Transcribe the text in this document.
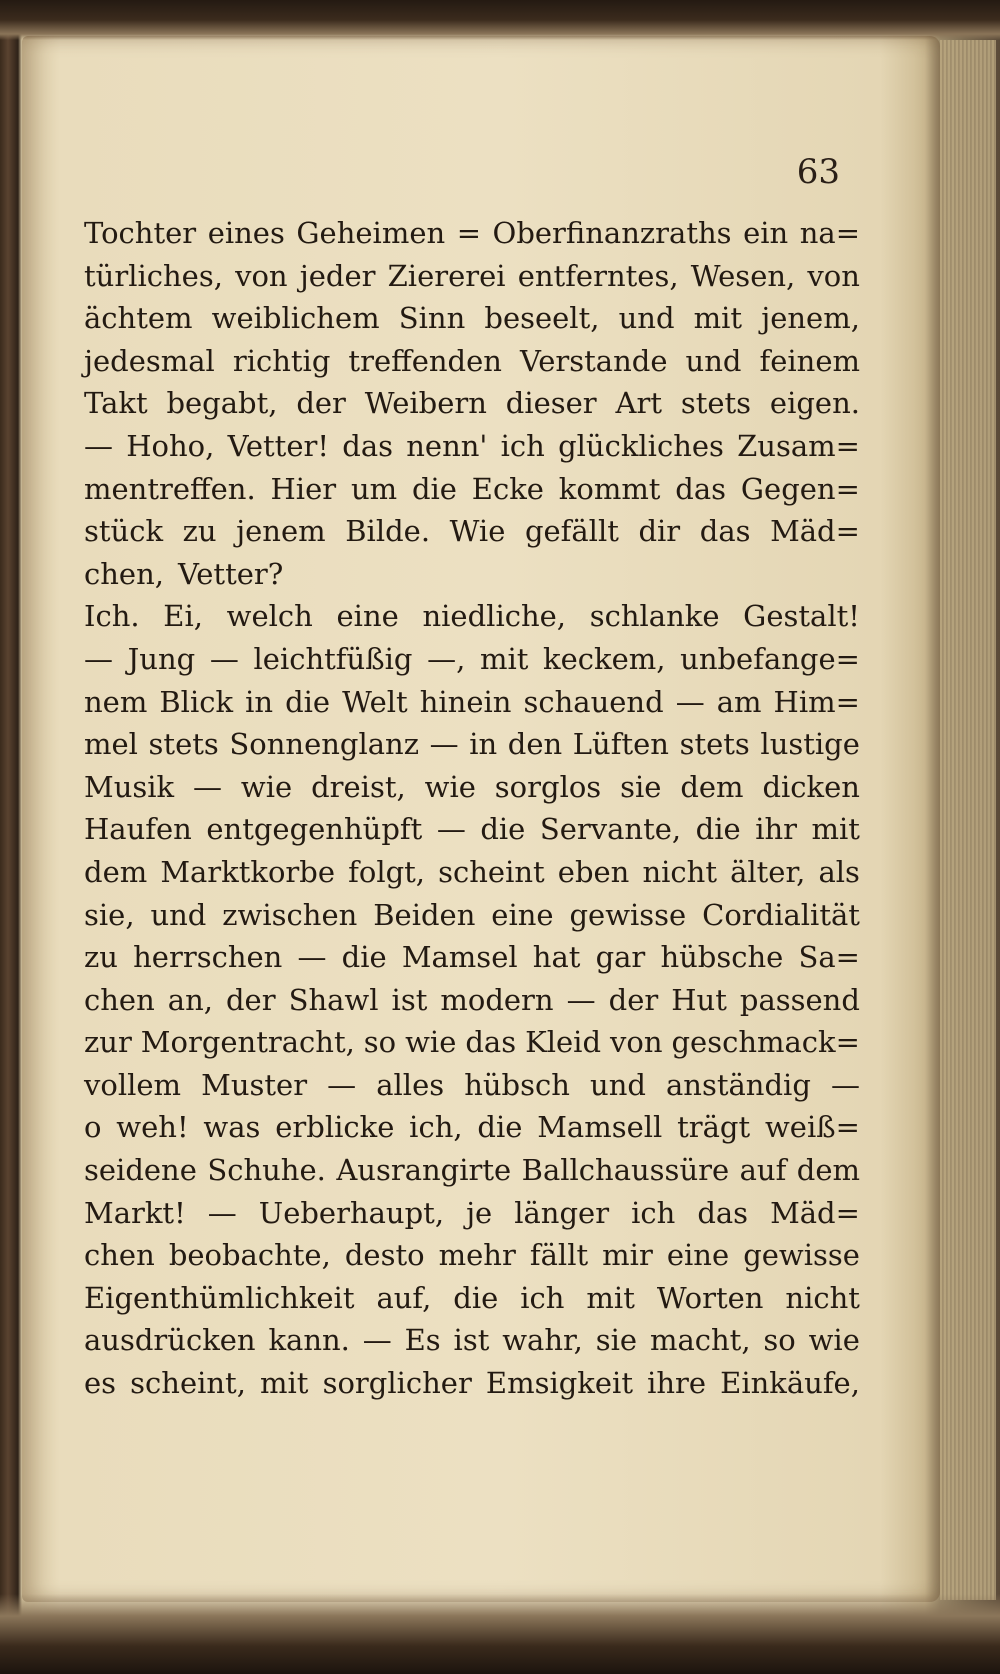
63
Tochter eines Geheimen = Oberfinanzraths ein na=
türliches, von jeder Ziererei entferntes, Wesen, von
ächtem weiblichem Sinn beseelt, und mit jenem,
jedesmal richtig treffenden Verstande und feinem
Takt begabt, der Weibern dieser Art stets eigen.
— Hoho, Vetter! das nenn' ich glückliches Zusam=
mentreffen. Hier um die Ecke kommt das Gegen=
stück zu jenem Bilde. Wie gefällt dir das Mäd=
chen, Vetter?
Ich. Ei, welch eine niedliche, schlanke Gestalt!
— Jung — leichtfüßig —, mit keckem, unbefange=
nem Blick in die Welt hinein schauend — am Him=
mel stets Sonnenglanz — in den Lüften stets lustige
Musik — wie dreist, wie sorglos sie dem dicken
Haufen entgegenhüpft — die Servante, die ihr mit
dem Marktkorbe folgt, scheint eben nicht älter, als
sie, und zwischen Beiden eine gewisse Cordialität
zu herrschen — die Mamsel hat gar hübsche Sa=
chen an, der Shawl ist modern — der Hut passend
zur Morgentracht, so wie das Kleid von geschmack=
vollem Muster — alles hübsch und anständig —
o weh! was erblicke ich, die Mamsell trägt weiß=
seidene Schuhe. Ausrangirte Ballchaussüre auf dem
Markt! — Ueberhaupt, je länger ich das Mäd=
chen beobachte, desto mehr fällt mir eine gewisse
Eigenthümlichkeit auf, die ich mit Worten nicht
ausdrücken kann. — Es ist wahr, sie macht, so wie
es scheint, mit sorglicher Emsigkeit ihre Einkäufe,
